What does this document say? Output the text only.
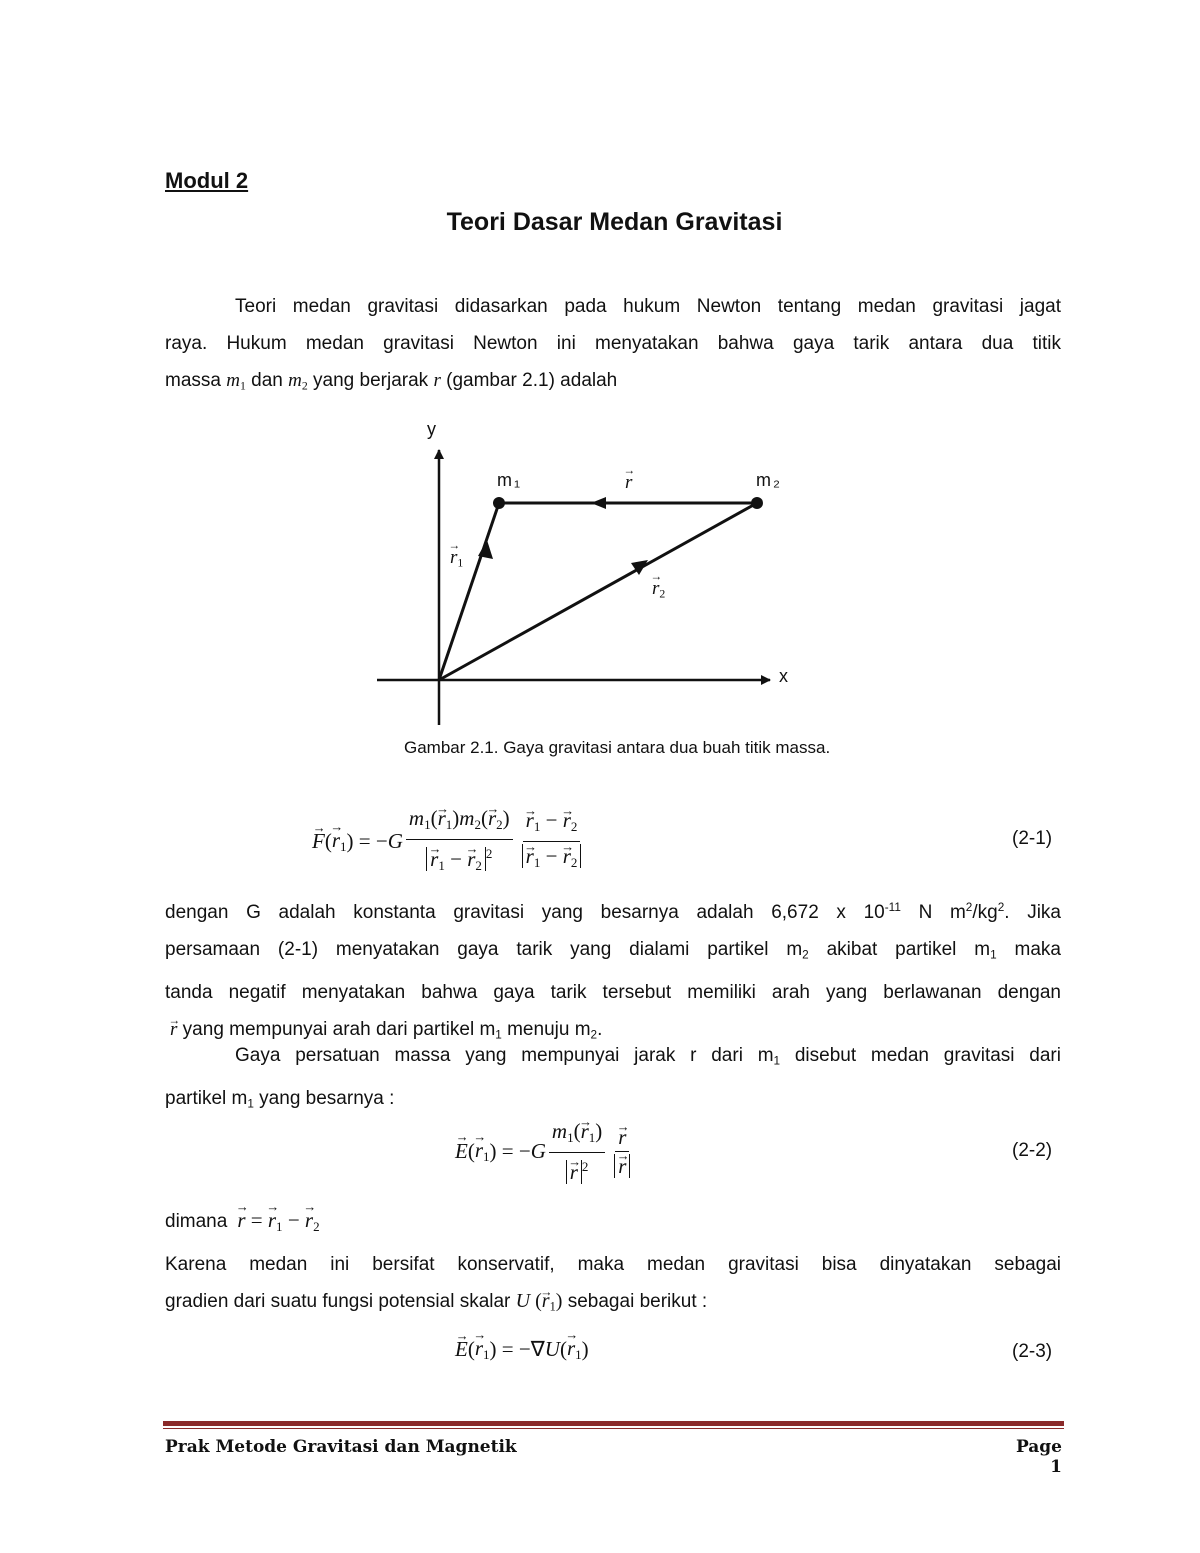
Modul 2
Teori Dasar Medan Gravitasi
Teori medan gravitasi didasarkan pada hukum Newton tentang medan gravitasi jagat
raya. Hukum medan gravitasi Newton ini menyatakan bahwa gaya tarik antara dua titik
massa $m_1$ dan $m_2$ yang berjarak r (gambar 2.1) adalah
y
x
m₁	m₂
→ r
→ $r_1$
→ $r_2$
Gambar 2.1. Gaya gravitasi antara dua buah titik massa.
→ F (
→ $r_1$ ) = − G $m_1(\to r_1)m_2(\to r_2)$
→ $r_1$ − → $r_2^2$
→ $r_1$ − → $r_2$
→ $r_1$ − → $r_2$	(2-1)
dengan G adalah konstanta gravitasi yang besarnya adalah 6,672 x $10^{-11}$ N $m^2/kg^2$. Jika
persamaan (2-1) menyatakan gaya tarik yang dialami partikel $m_2$ akibat partikel $m_1$ maka
tanda negatif menyatakan bahwa gaya tarik tersebut memiliki arah yang berlawanan dengan
→ r yang mempunyai arah dari partikel $m_1$ menuju $m_2$.
Gaya persatuan massa yang mempunyai jarak r dari $m_1$ disebut medan gravitasi dari
partikel $m_1$ yang besarnya :
→ E (
→ $r_1$ ) = − G $m_1(\to r_1)$
→ r $^2$
→ r
→ r	(2-2)
dimana
→ r = → $r_1$ − → $r_2$
Karena medan ini bersifat konservatif, maka medan gravitasi bisa dinyatakan sebagai
gradien dari suatu fungsi potensial skalar U (→ $r_1$) sebagai berikut :
→ E (
→ $r_1$ ) = −∇ U (
→ $r_1$ )	(2-3)
Prak Metode Gravitasi dan Magnetik	Page 1
